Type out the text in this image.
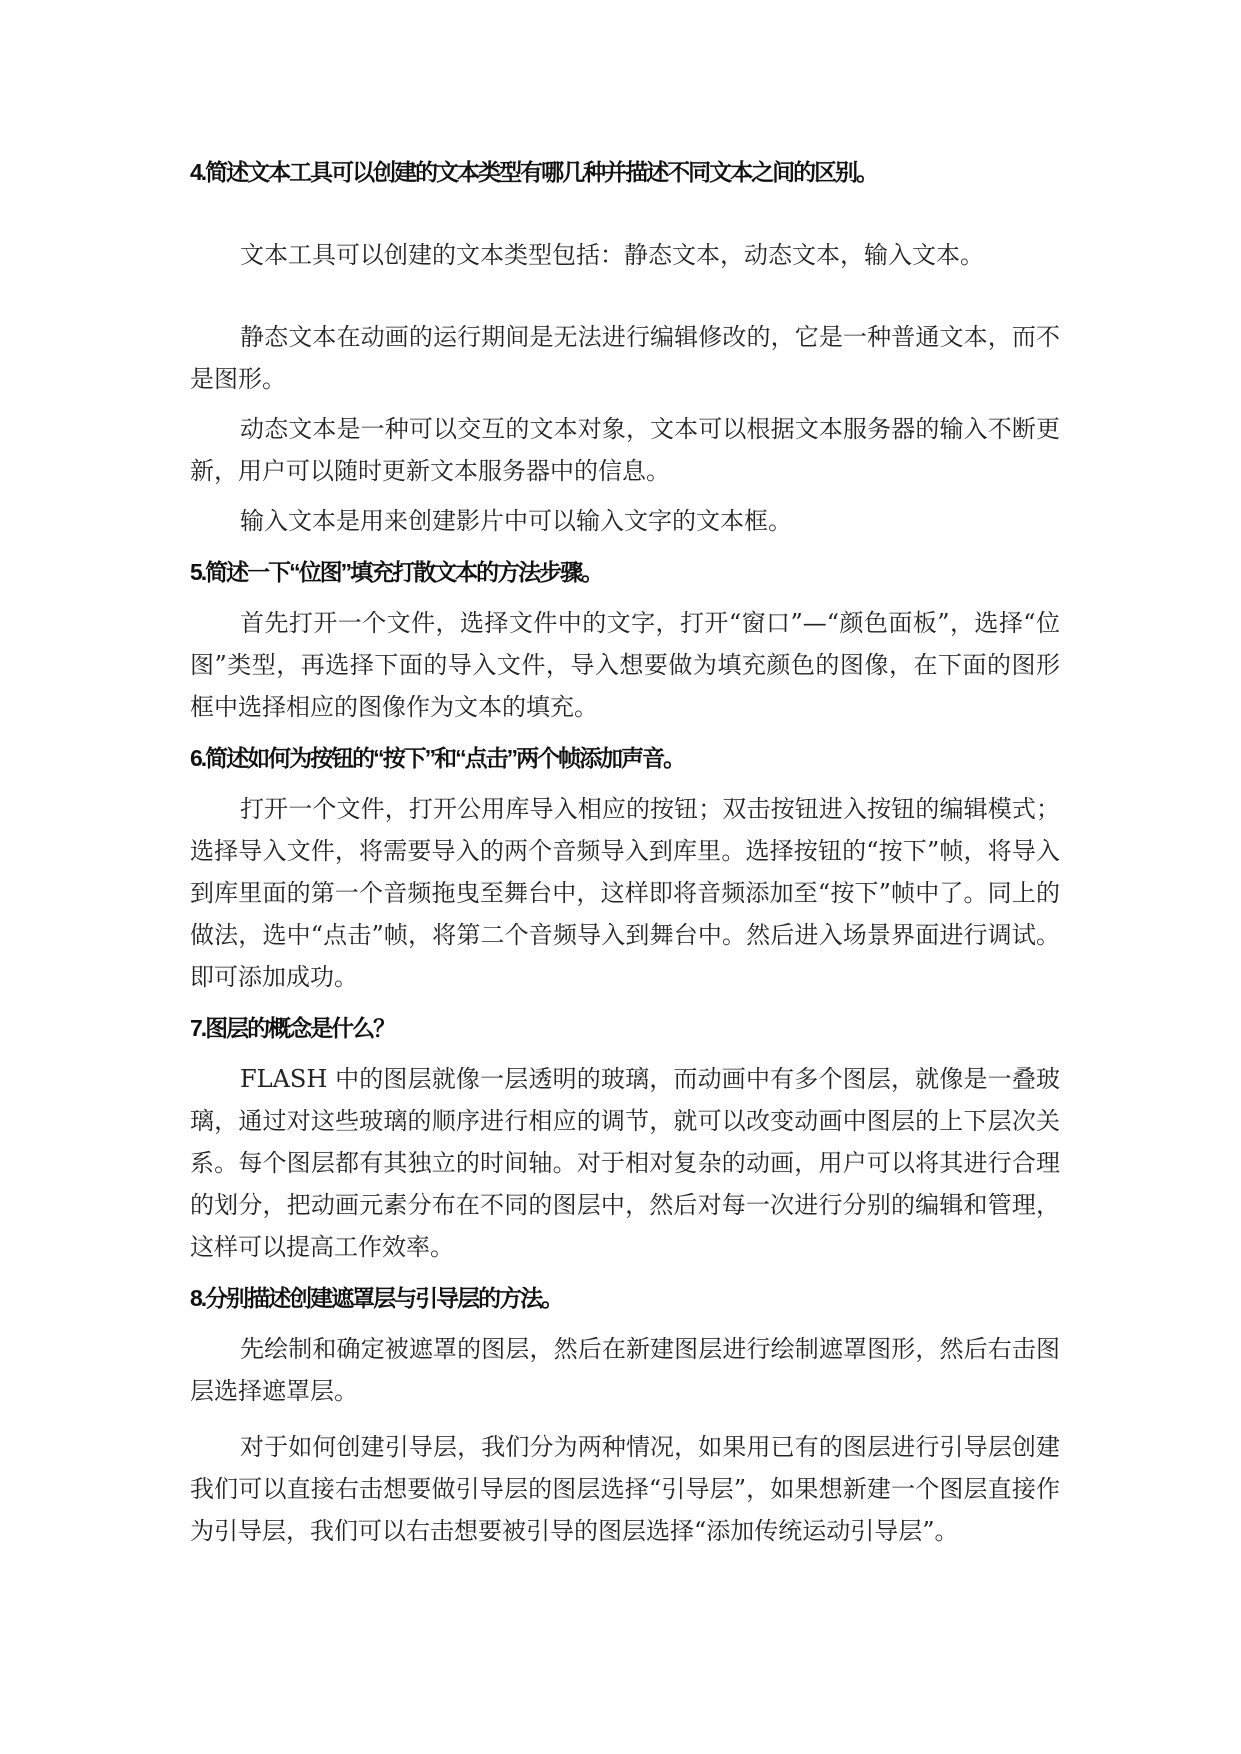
4.简述文本工具可以创建的文本类型有哪几种并描述不同文本之间的区别。

文本工具可以创建的文本类型包括：静态文本，动态文本，输入文本。

静态文本在动画的运行期间是无法进行编辑修改的，它是一种普通文本，而不是图形。

动态文本是一种可以交互的文本对象，文本可以根据文本服务器的输入不断更新，用户可以随时更新文本服务器中的信息。

输入文本是用来创建影片中可以输入文字的文本框。

5.简述一下“位图”填充打散文本的方法步骤。

首先打开一个文件，选择文件中的文字，打开“窗口”—“颜色面板”，选择“位图”类型，再选择下面的导入文件，导入想要做为填充颜色的图像，在下面的图形框中选择相应的图像作为文本的填充。

6.简述如何为按钮的“按下”和“点击”两个帧添加声音。

打开一个文件，打开公用库导入相应的按钮；双击按钮进入按钮的编辑模式；选择导入文件，将需要导入的两个音频导入到库里。选择按钮的“按下”帧，将导入到库里面的第一个音频拖曳至舞台中，这样即将音频添加至“按下”帧中了。同上的做法，选中“点击”帧，将第二个音频导入到舞台中。然后进入场景界面进行调试。即可添加成功。

7.图层的概念是什么？

FLASH 中的图层就像一层透明的玻璃，而动画中有多个图层，就像是一叠玻璃，通过对这些玻璃的顺序进行相应的调节，就可以改变动画中图层的上下层次关系。每个图层都有其独立的时间轴。对于相对复杂的动画，用户可以将其进行合理的划分，把动画元素分布在不同的图层中，然后对每一次进行分别的编辑和管理，这样可以提高工作效率。

8.分别描述创建遮罩层与引导层的方法。

先绘制和确定被遮罩的图层，然后在新建图层进行绘制遮罩图形，然后右击图层选择遮罩层。

对于如何创建引导层，我们分为两种情况，如果用已有的图层进行引导层创建我们可以直接右击想要做引导层的图层选择“引导层”，如果想新建一个图层直接作为引导层，我们可以右击想要被引导的图层选择“添加传统运动引导层”。
